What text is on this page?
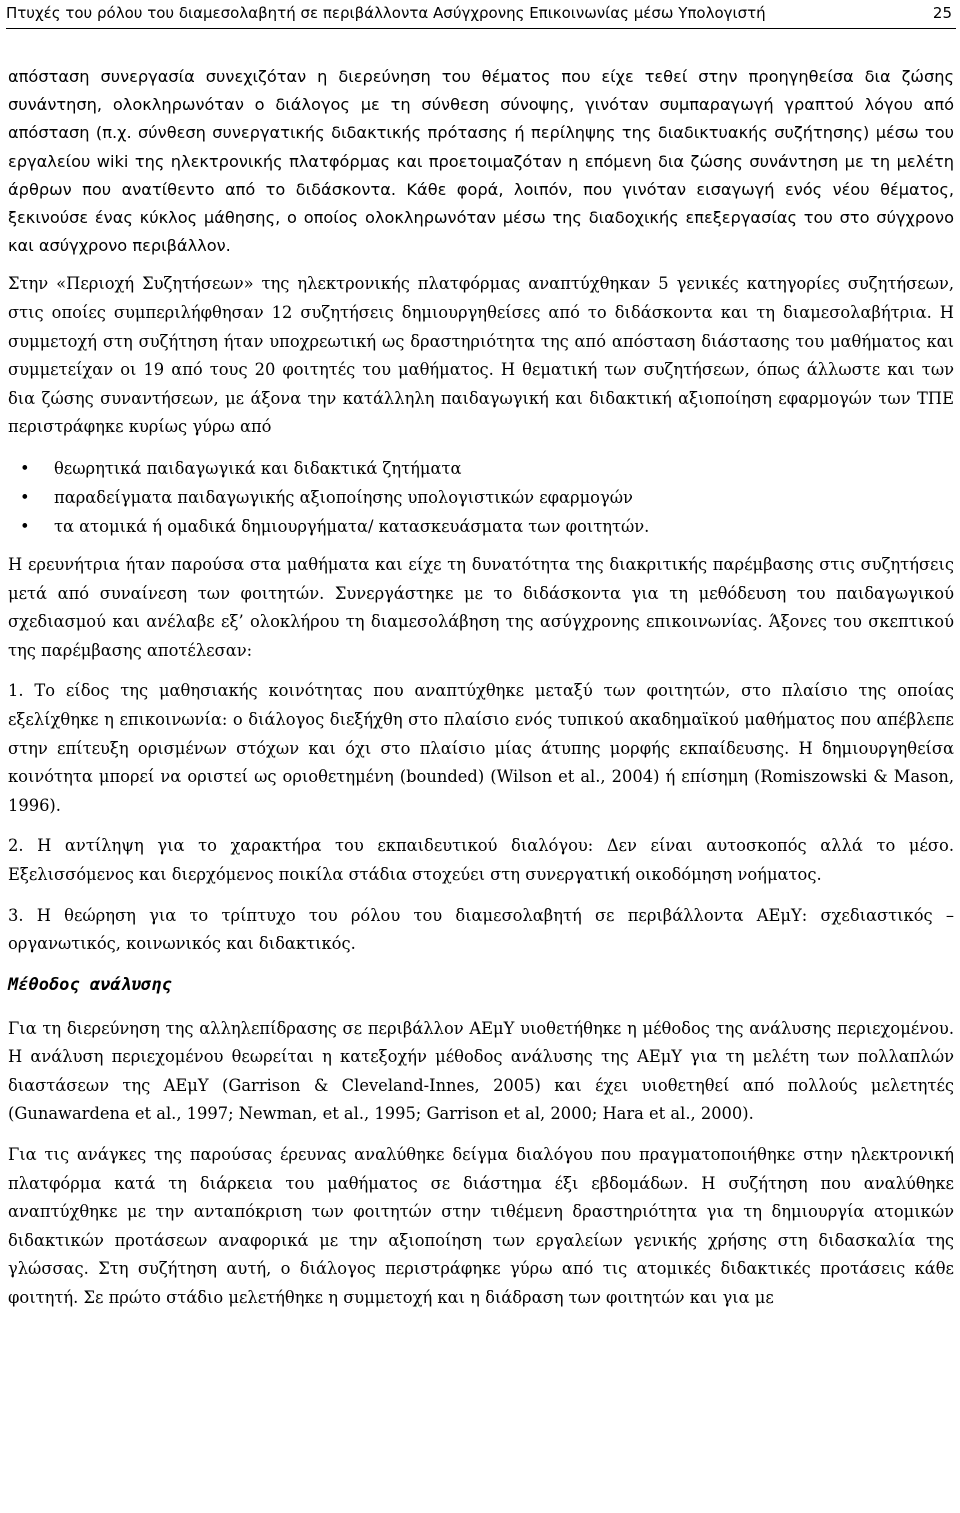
Πτυχές του ρόλου του διαμεσολαβητή σε περιβάλλοντα Ασύγχρονης Επικοινωνίας μέσω Υπολογιστή	25

απόσταση συνεργασία συνεχιζόταν η διερεύνηση του θέματος που είχε τεθεί στην προηγηθείσα δια ζώσης συνάντηση, ολοκληρωνόταν ο διάλογος με τη σύνθεση σύνοψης, γινόταν συμπαραγωγή γραπτού λόγου από απόσταση (π.χ. σύνθεση συνεργατικής διδακτικής πρότασης ή περίληψης της διαδικτυακής συζήτησης) μέσω του εργαλείου wiki της ηλεκτρονικής πλατφόρμας και προετοιμαζόταν η επόμενη δια ζώσης συνάντηση με τη μελέτη άρθρων που ανατίθεντο από το διδάσκοντα. Κάθε φορά, λοιπόν, που γινόταν εισαγωγή ενός νέου θέματος, ξεκινούσε ένας κύκλος μάθησης, ο οποίος ολοκληρωνόταν μέσω της διαδοχικής επεξεργασίας του στο σύγχρονο και ασύγχρονο περιβάλλον.

Στην «Περιοχή Συζητήσεων» της ηλεκτρονικής πλατφόρμας αναπτύχθηκαν 5 γενικές κατηγορίες συζητήσεων, στις οποίες συμπεριλήφθησαν 12 συζητήσεις δημιουργηθείσες από το διδάσκοντα και τη διαμεσολαβήτρια. Η συμμετοχή στη συζήτηση ήταν υποχρεωτική ως δραστηριότητα της από απόσταση διάστασης του μαθήματος και συμμετείχαν οι 19 από τους 20 φοιτητές του μαθήματος. Η θεματική των συζητήσεων, όπως άλλωστε και των δια ζώσης συναντήσεων, με άξονα την κατάλληλη παιδαγωγική και διδακτική αξιοποίηση εφαρμογών των ΤΠΕ περιστράφηκε κυρίως γύρω από

• θεωρητικά παιδαγωγικά και διδακτικά ζητήματα
• παραδείγματα παιδαγωγικής αξιοποίησης υπολογιστικών εφαρμογών
• τα ατομικά ή ομαδικά δημιουργήματα/ κατασκευάσματα των φοιτητών.

Η ερευνήτρια ήταν παρούσα στα μαθήματα και είχε τη δυνατότητα της διακριτικής παρέμβασης στις συζητήσεις μετά από συναίνεση των φοιτητών. Συνεργάστηκε με το διδάσκοντα για τη μεθόδευση του παιδαγωγικού σχεδιασμού και ανέλαβε εξ’ ολοκλήρου τη διαμεσολάβηση της ασύγχρονης επικοινωνίας. Άξονες του σκεπτικού της παρέμβασης αποτέλεσαν:

1. Το είδος της μαθησιακής κοινότητας που αναπτύχθηκε μεταξύ των φοιτητών, στο πλαίσιο της οποίας εξελίχθηκε η επικοινωνία: ο διάλογος διεξήχθη στο πλαίσιο ενός τυπικού ακαδημαϊκού μαθήματος που απέβλεπε στην επίτευξη ορισμένων στόχων και όχι στο πλαίσιο μίας άτυπης μορφής εκπαίδευσης. Η δημιουργηθείσα κοινότητα μπορεί να οριστεί ως οριοθετημένη (bounded) (Wilson et al., 2004) ή επίσημη (Romiszowski & Mason, 1996).

2. Η αντίληψη για το χαρακτήρα του εκπαιδευτικού διαλόγου: Δεν είναι αυτοσκοπός αλλά το μέσο. Εξελισσόμενος και διερχόμενος ποικίλα στάδια στοχεύει στη συνεργατική οικοδόμηση νοήματος.

3. Η θεώρηση για το τρίπτυχο του ρόλου του διαμεσολαβητή σε περιβάλλοντα ΑΕμΥ: σχεδιαστικός – οργανωτικός, κοινωνικός και διδακτικός.

Μέθοδος ανάλυσης

Για τη διερεύνηση της αλληλεπίδρασης σε περιβάλλον ΑΕμΥ υιοθετήθηκε η μέθοδος της ανάλυσης περιεχομένου. Η ανάλυση περιεχομένου θεωρείται η κατεξοχήν μέθοδος ανάλυσης της ΑΕμΥ για τη μελέτη των πολλαπλών διαστάσεων της ΑΕμΥ (Garrison & Cleveland-Innes, 2005) και έχει υιοθετηθεί από πολλούς μελετητές (Gunawardena et al., 1997; Newman, et al., 1995; Garrison et al, 2000; Hara et al., 2000).

Για τις ανάγκες της παρούσας έρευνας αναλύθηκε δείγμα διαλόγου που πραγματοποιήθηκε στην ηλεκτρονική πλατφόρμα κατά τη διάρκεια του μαθήματος σε διάστημα έξι εβδομάδων. Η συζήτηση που αναλύθηκε αναπτύχθηκε με την ανταπόκριση των φοιτητών στην τιθέμενη δραστηριότητα για τη δημιουργία ατομικών διδακτικών προτάσεων αναφορικά με την αξιοποίηση των εργαλείων γενικής χρήσης στη διδασκαλία της γλώσσας. Στη συζήτηση αυτή, ο διάλογος περιστράφηκε γύρω από τις ατομικές διδακτικές προτάσεις κάθε φοιτητή. Σε πρώτο στάδιο μελετήθηκε η συμμετοχή και η διάδραση των φοιτητών και για με
